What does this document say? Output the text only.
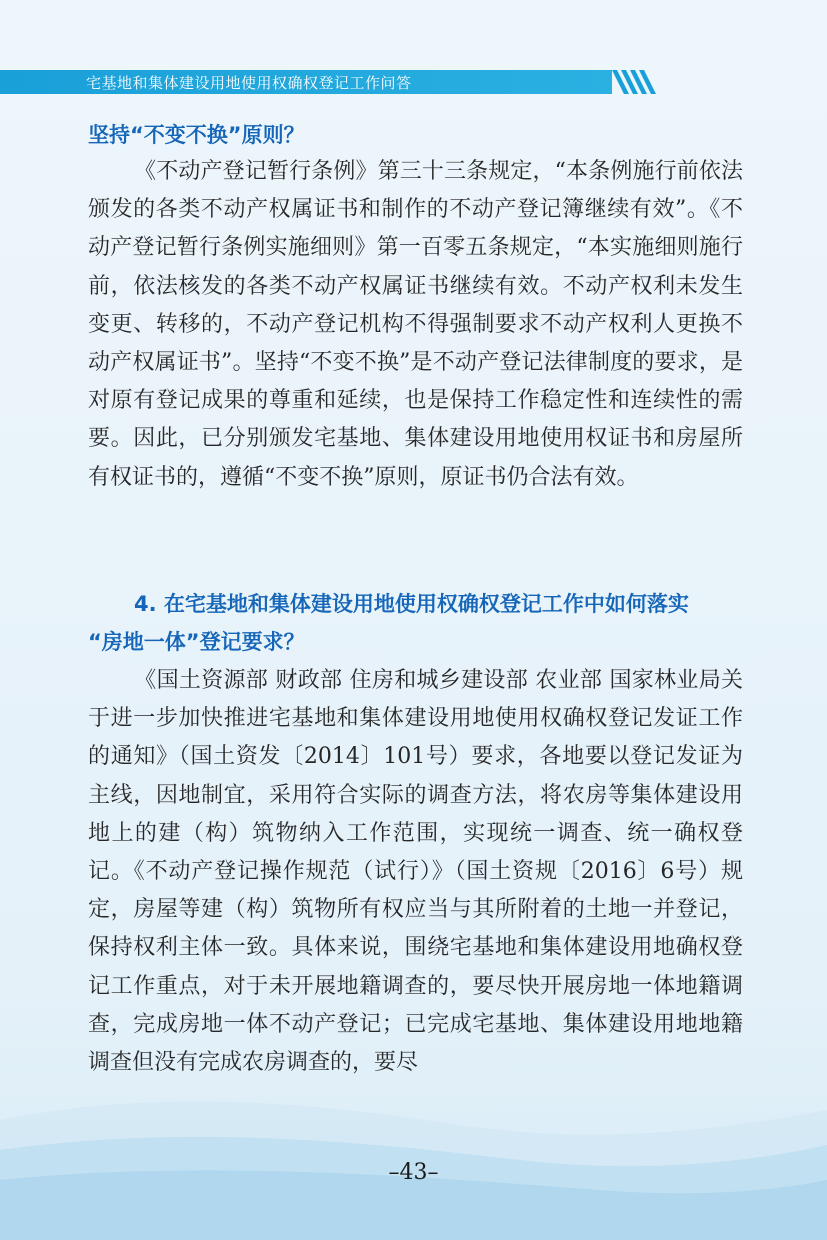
宅基地和集体建设用地使用权确权登记工作问答
坚持“不变不换”原则？
《不动产登记暂行条例》第三十三条规定，“本条例施行前依法颁发的各类不动产权属证书和制作的不动产登记簿继续有效”。《不动产登记暂行条例实施细则》第一百零五条规定，“本实施细则施行前，依法核发的各类不动产权属证书继续有效。不动产权利未发生变更、转移的，不动产登记机构不得强制要求不动产权利人更换不动产权属证书”。坚持“不变不换”是不动产登记法律制度的要求，是对原有登记成果的尊重和延续，也是保持工作稳定性和连续性的需要。因此，已分别颁发宅基地、集体建设用地使用权证书和房屋所有权证书的，遵循“不变不换”原则，原证书仍合法有效。
4. 在宅基地和集体建设用地使用权确权登记工作中如何落实
“房地一体”登记要求？
《国土资源部 财政部 住房和城乡建设部 农业部 国家林业局关于进一步加快推进宅基地和集体建设用地使用权确权登记发证工作的通知》（国土资发〔2014〕101号）要求，各地要以登记发证为主线，因地制宜，采用符合实际的调查方法，将农房等集体建设用地上的建（构）筑物纳入工作范围，实现统一调查、统一确权登记。《不动产登记操作规范（试行）》（国土资规〔2016〕6号）规定，房屋等建（构）筑物所有权应当与其所附着的土地一并登记，保持权利主体一致。具体来说，围绕宅基地和集体建设用地确权登记工作重点，对于未开展地籍调查的，要尽快开展房地一体地籍调查，完成房地一体不动产登记；已完成宅基地、集体建设用地地籍调查但没有完成农房调查的，要尽
–43–
